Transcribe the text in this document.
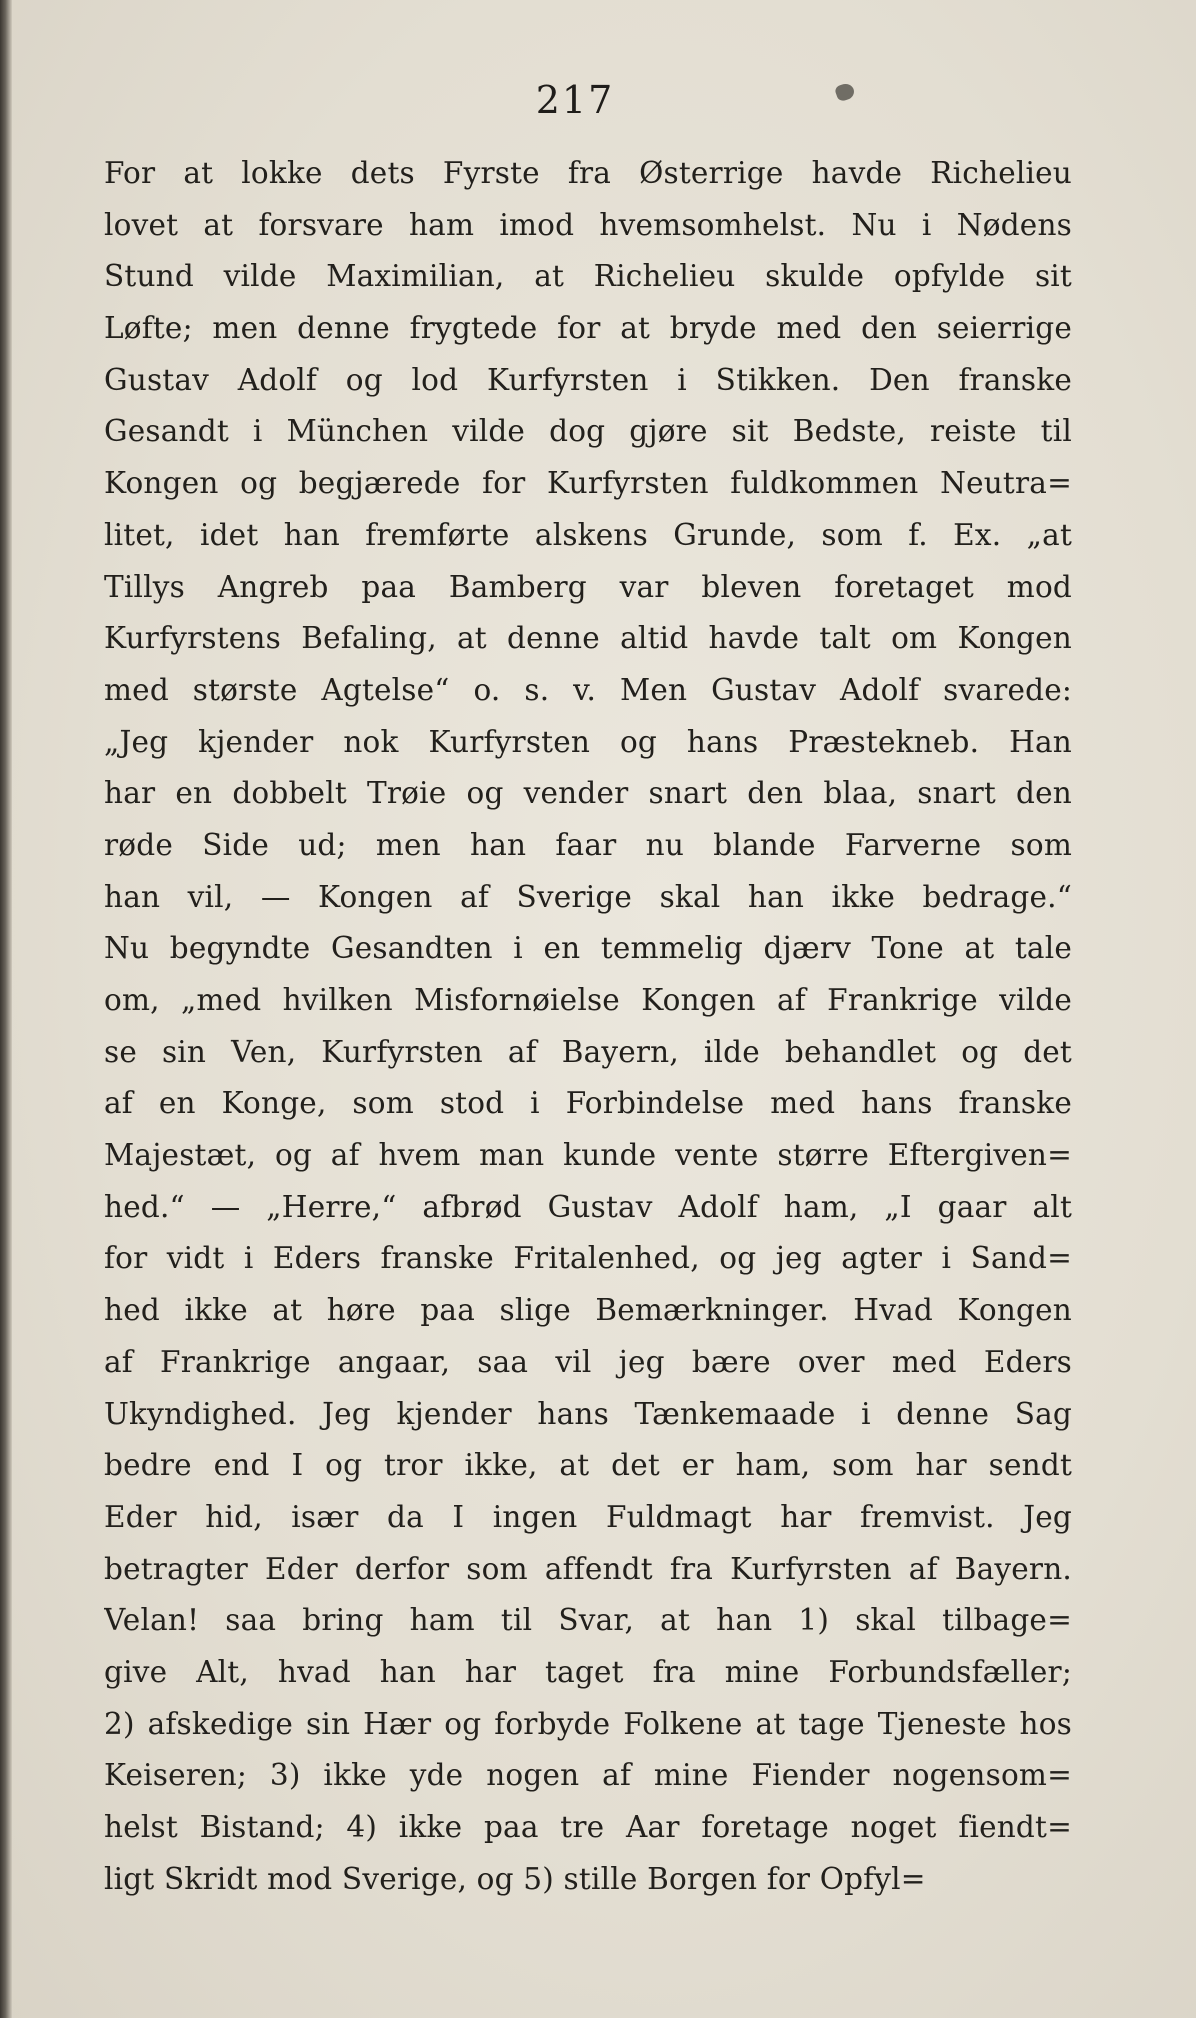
217
For at lokke dets Fyrste fra Østerrige havde Richelieu
lovet at forsvare ham imod hvemsomhelst. Nu i Nødens
Stund vilde Maximilian, at Richelieu skulde opfylde sit
Løfte; men denne frygtede for at bryde med den seierrige
Gustav Adolf og lod Kurfyrsten i Stikken. Den franske
Gesandt i München vilde dog gjøre sit Bedste, reiste til
Kongen og begjærede for Kurfyrsten fuldkommen Neutra=
litet, idet han fremførte alskens Grunde, som f. Ex. „at
Tillys Angreb paa Bamberg var bleven foretaget mod
Kurfyrstens Befaling, at denne altid havde talt om Kongen
med største Agtelse“ o. s. v. Men Gustav Adolf svarede:
„Jeg kjender nok Kurfyrsten og hans Præstekneb. Han
har en dobbelt Trøie og vender snart den blaa, snart den
røde Side ud; men han faar nu blande Farverne som
han vil, — Kongen af Sverige skal han ikke bedrage.“
Nu begyndte Gesandten i en temmelig djærv Tone at tale
om, „med hvilken Misfornøielse Kongen af Frankrige vilde
se sin Ven, Kurfyrsten af Bayern, ilde behandlet og det
af en Konge, som stod i Forbindelse med hans franske
Majestæt, og af hvem man kunde vente større Eftergiven=
hed.“ — „Herre,“ afbrød Gustav Adolf ham, „I gaar alt
for vidt i Eders franske Fritalenhed, og jeg agter i Sand=
hed ikke at høre paa slige Bemærkninger. Hvad Kongen
af Frankrige angaar, saa vil jeg bære over med Eders
Ukyndighed. Jeg kjender hans Tænkemaade i denne Sag
bedre end I og tror ikke, at det er ham, som har sendt
Eder hid, især da I ingen Fuldmagt har fremvist. Jeg
betragter Eder derfor som affendt fra Kurfyrsten af Bayern.
Velan! saa bring ham til Svar, at han 1) skal tilbage=
give Alt, hvad han har taget fra mine Forbundsfæller;
2) afskedige sin Hær og forbyde Folkene at tage Tjeneste hos
Keiseren; 3) ikke yde nogen af mine Fiender nogensom=
helst Bistand; 4) ikke paa tre Aar foretage noget fiendt=
ligt Skridt mod Sverige, og 5) stille Borgen for Opfyl=
